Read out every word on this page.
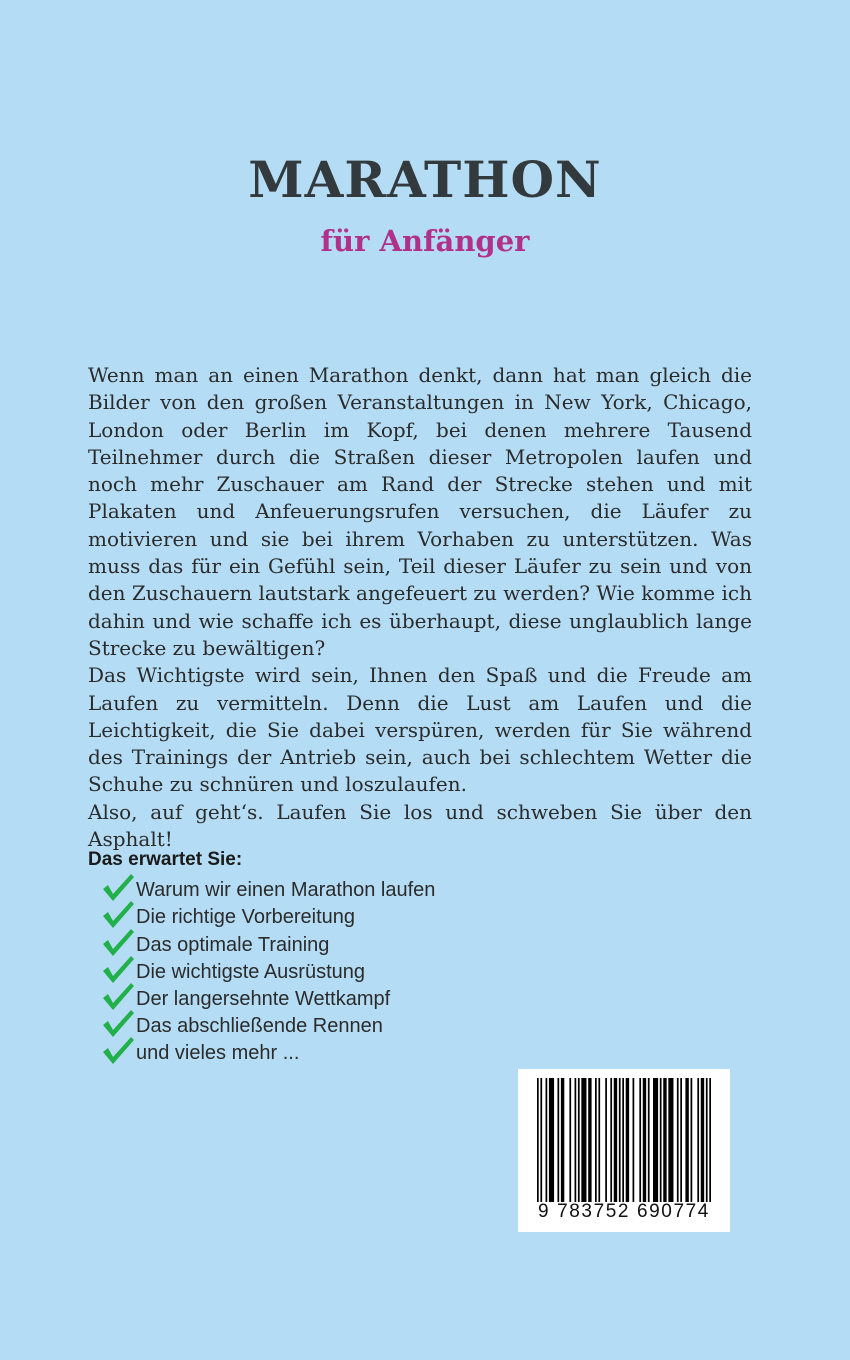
MARATHON
für Anfänger

Wenn man an einen Marathon denkt, dann hat man gleich die Bilder von den großen Veranstaltungen in New York, Chicago, London oder Berlin im Kopf, bei denen mehrere Tausend Teilnehmer durch die Straßen dieser Metropolen laufen und noch mehr Zuschauer am Rand der Strecke stehen und mit Plakaten und Anfeuerungsrufen versuchen, die Läufer zu motivieren und sie bei ihrem Vorhaben zu unterstützen. Was muss das für ein Gefühl sein, Teil dieser Läufer zu sein und von den Zuschauern lautstark angefeuert zu werden? Wie komme ich dahin und wie schaffe ich es überhaupt, diese unglaublich lange Strecke zu bewältigen?

Das Wichtigste wird sein, Ihnen den Spaß und die Freude am Laufen zu vermitteln. Denn die Lust am Laufen und die Leichtigkeit, die Sie dabei verspüren, werden für Sie während des Trainings der Antrieb sein, auch bei schlechtem Wetter die Schuhe zu schnüren und loszulaufen.

Also, auf geht‘s. Laufen Sie los und schweben Sie über den Asphalt!

Das erwartet Sie:
Warum wir einen Marathon laufen
Die richtige Vorbereitung
Das optimale Training
Die wichtigste Ausrüstung
Der langersehnte Wettkampf
Das abschließende Rennen
und vieles mehr ...
9 783752 690774
